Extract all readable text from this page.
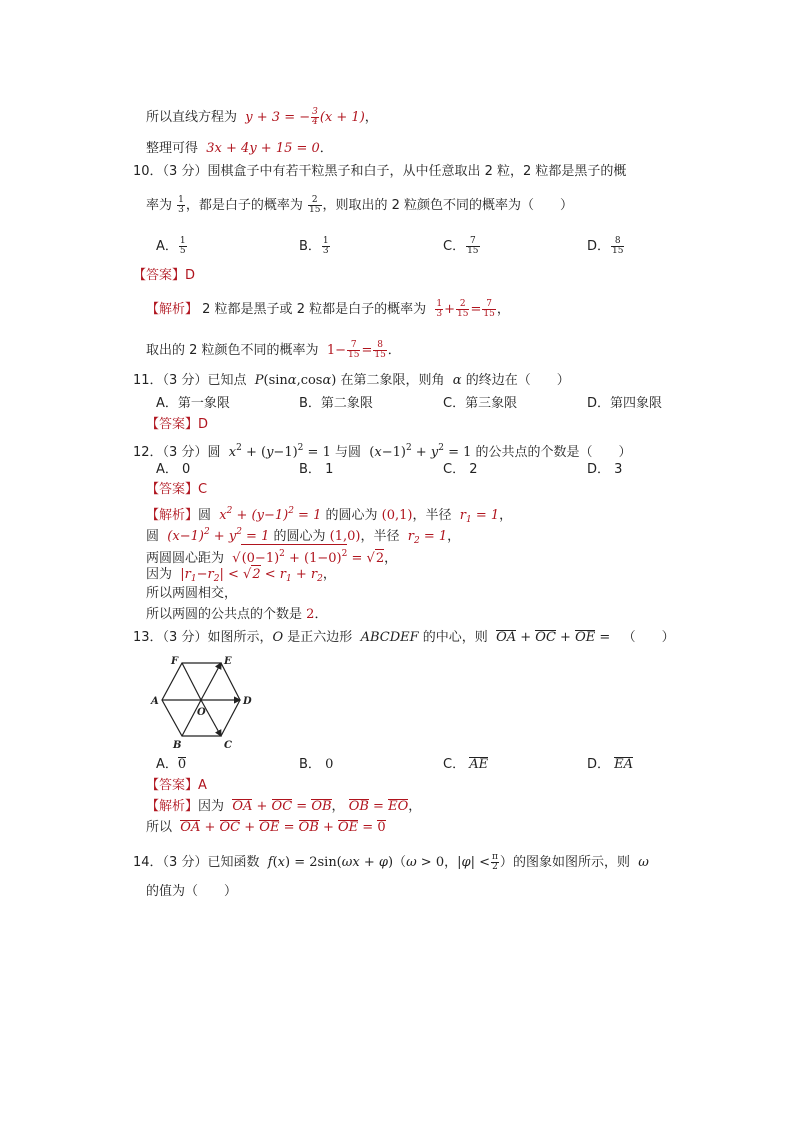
所以直线方程为  y + 3 = − $\frac{3}{4} (x + 1)$，
整理可得  3x + 4y + 15 = 0．
10．（3 分）围棋盒子中有若干粒黑子和白子，从中任意取出 2 粒，2 粒都是黑子的概
率为 $\frac{1}{3}$ ，都是白子的概率为 $\frac{2}{15}$ ，则取出的 2 粒颜色不同的概率为（　　）
A． $\frac{1}{5}$	B． $\frac{1}{3}$	C． $\frac{7}{15}$	D． $\frac{8}{15}$
【答案】D
【解析】 2 粒都是黑子或 2 粒都是白子的概率为 $\frac{1}{3} + \frac{2}{15} = \frac{7}{15}$ ，
取出的 2 粒颜色不同的概率为  $1- \frac{7}{15} = \frac{8}{15}$ ．
11．（3 分）已知点  P(sinα,cosα) 在第二象限，则角  α 的终边在（　　）
A．第一象限	B．第二象限	C．第三象限	D．第四象限
【答案】D
12．（3 分）圆 $x^2 + (y-1)^2 = 1$ 与圆  $(x-1)^2 + y^2 = 1$ 的公共点的个数是（　　）
A． 0	B． 1	C． 2	D． 3
【答案】C
【解析】圆  $x^2 + (y-1)^2 = 1$ 的圆心为 (0,1)，半径  $r_1 = 1$，
圆  $(x-1)^2 + y^2 = 1$ 的圆心为 (1,0)，半径  $r_2 = 1$，
两圆圆心距为  $√(0-1)^2 + (1-0)^2 = √2$，
因为  $|r_1-r_2| < √2 < r_1 + r_2$，
所以两圆相交，
所以两圆的公共点的个数是 2．
13．（3 分）如图所示，O 是正六边形  ABCDEF 的中心，则 OA + OC + OE =   （　　）
F	E
A	D
O
B	C
A．0	B． 0	C． AE	D． EA
【答案】A
【解析】因为 OA + OC = OB， OB = EO，
所以 OA + OC + OE = OB + OE = 0
14．（3 分）已知函数 f(x) = 2sin(ωx + φ)（ω > 0，$|\varphi| < \frac{\pi}{2}$ ）的图象如图所示，则  ω
的值为（　　）
